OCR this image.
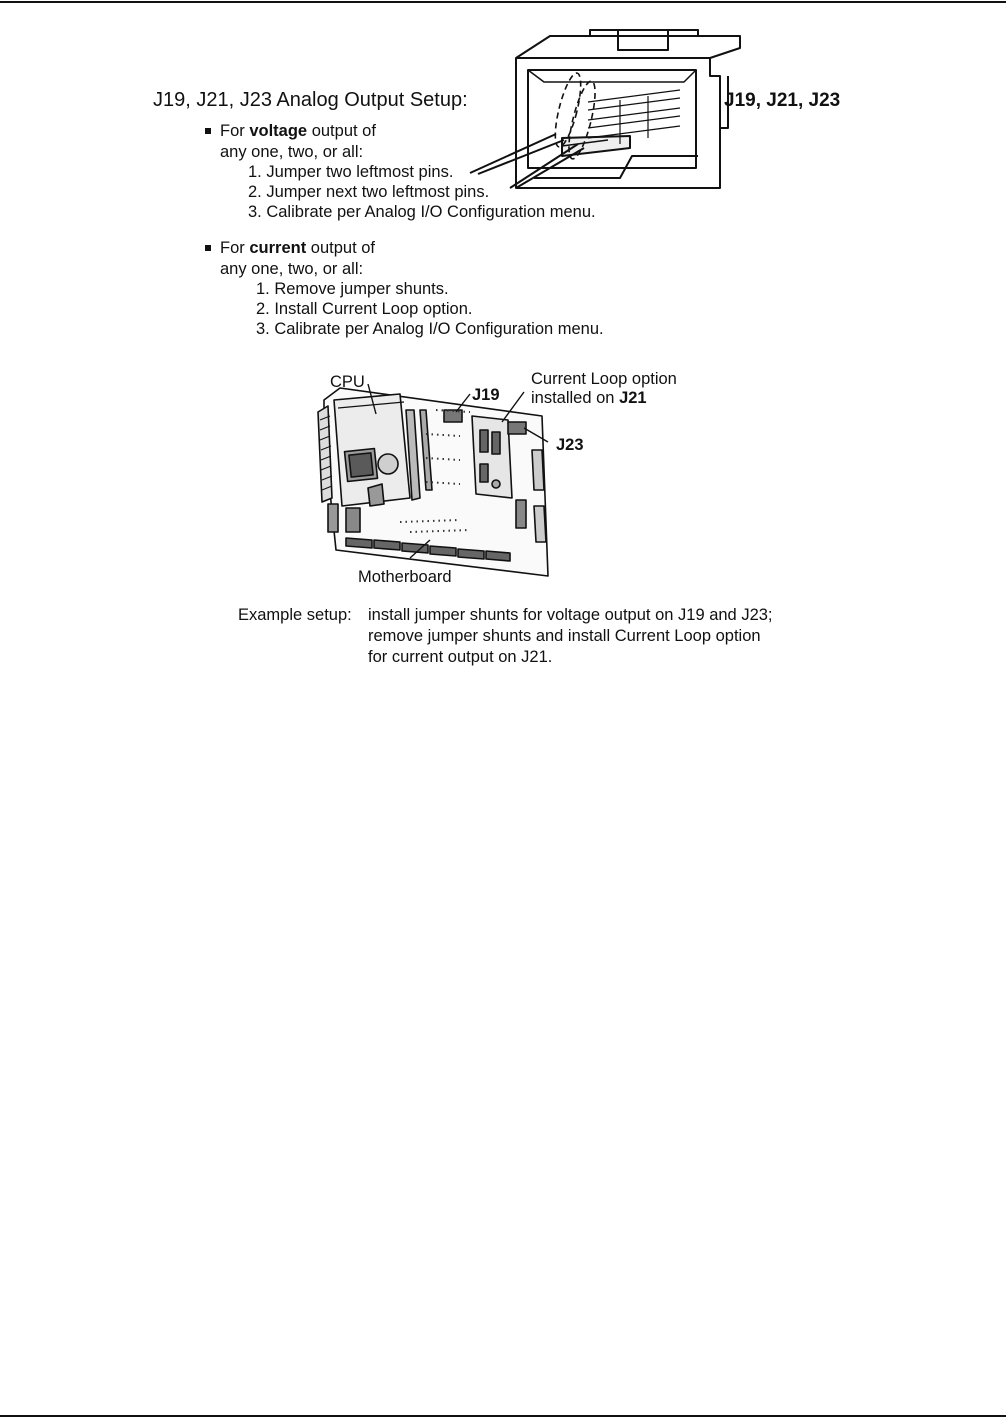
J19, J21, J23 Analog Output Setup:	J19, J21, J23
For voltage output of
any one, two, or all:
1. Jumper two leftmost pins.
2. Jumper next two leftmost pins.
3. Calibrate per Analog I/O Configuration menu.
For current output of
any one, two, or all:
1. Remove jumper shunts.
2. Install Current Loop option.
3. Calibrate per Analog I/O Configuration menu.
CPU
J19
Current Loop option
installed on J21
J23
Motherboard
Example setup: install jumper shunts for voltage output on J19 and J23;
remove jumper shunts and install Current Loop option
for current output on J21.
